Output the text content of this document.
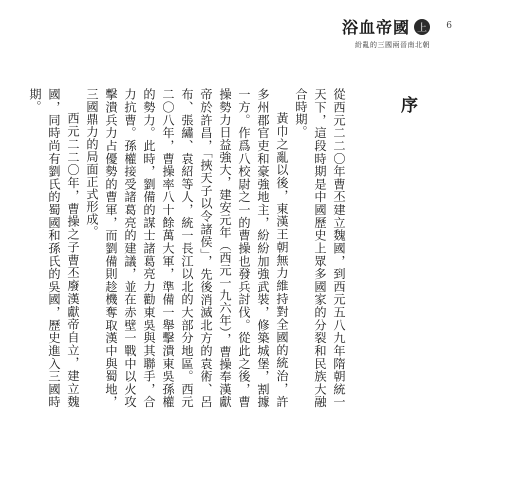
浴血帝國 上
紛亂的三國兩晉南北朝
6
序

從西元二二〇年曹丕建立魏國，到西元五八九年隋朝統一天下，這段時期是中國歷史上眾多國家的分裂和民族大融合時期。

黃巾之亂以後，東漢王朝無力維持對全國的統治，許多州郡官吏和豪強地主，紛紛加強武裝，修築城堡，割據一方。作爲八校尉之一的曹操也發兵討伐。從此之後，曹操勢力日益強大，建安元年（西元一九六年），曹操奉漢獻帝於許昌，「挾天子以令諸侯」，先後消滅北方的袁術、呂布、張繡、袁紹等人，統一長江以北的大部分地區。西元二〇八年，曹操率八十餘萬大軍，準備一舉擊潰東吳孫權的勢力。此時，劉備的謀士諸葛亮力勸東吳與其聯手，合力抗曹。孫權接受諸葛亮的建議，並在赤壁一戰中以火攻擊潰兵力占優勢的曹軍，而劉備則趁機奪取漢中與蜀地，三國鼎力的局面正式形成。

西元二二〇年，曹操之子曹丕廢漢獻帝自立，建立魏國，同時尚有劉氏的蜀國和孫氏的吳國，歷史進入三國時期。
